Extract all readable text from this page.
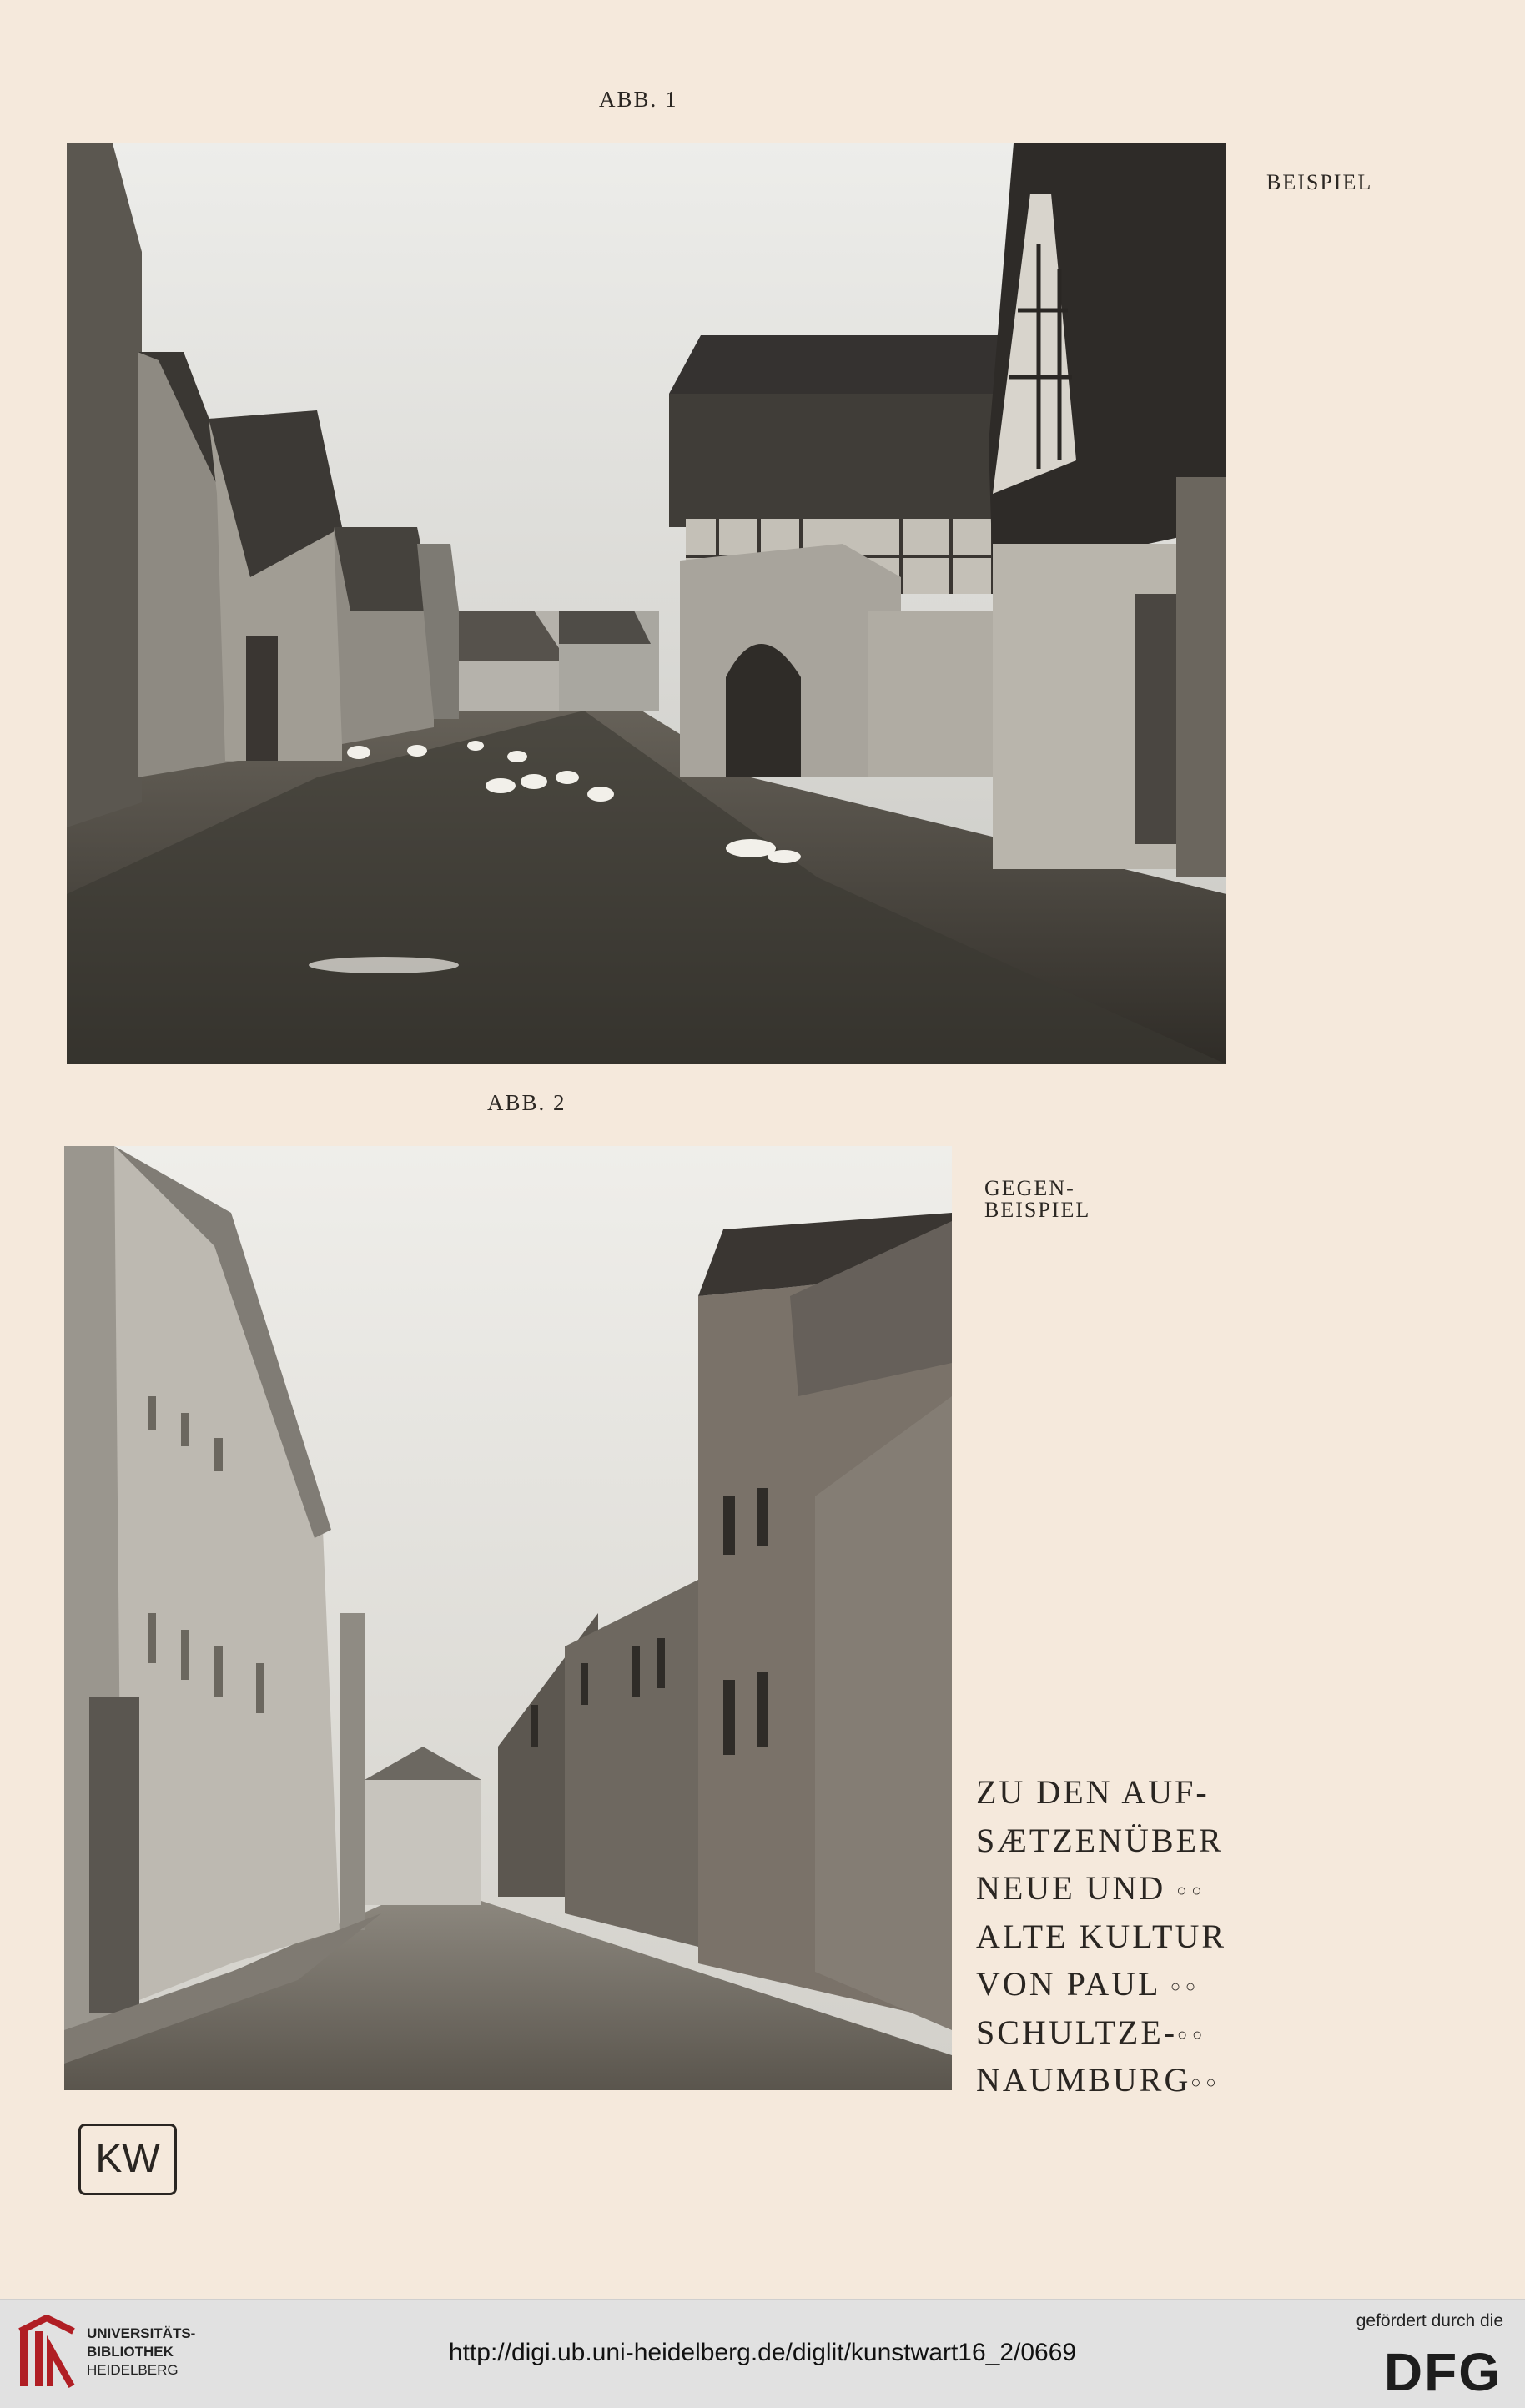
ABB. 1
BEISPIEL
ABB. 2
GEGEN-
BEISPIEL
ZU DEN AUF-
SÆTZENÜBER
NEUE UND ○○
ALTE KULTUR
VON PAUL ○○
SCHULTZE-○○
NAUMBURG○○
KW
UNIVERSITÄTS-
BIBLIOTHEK
HEIDELBERG
http://digi.ub.uni-heidelberg.de/diglit/kunstwart16_2/0669
gefördert durch die
DFG
